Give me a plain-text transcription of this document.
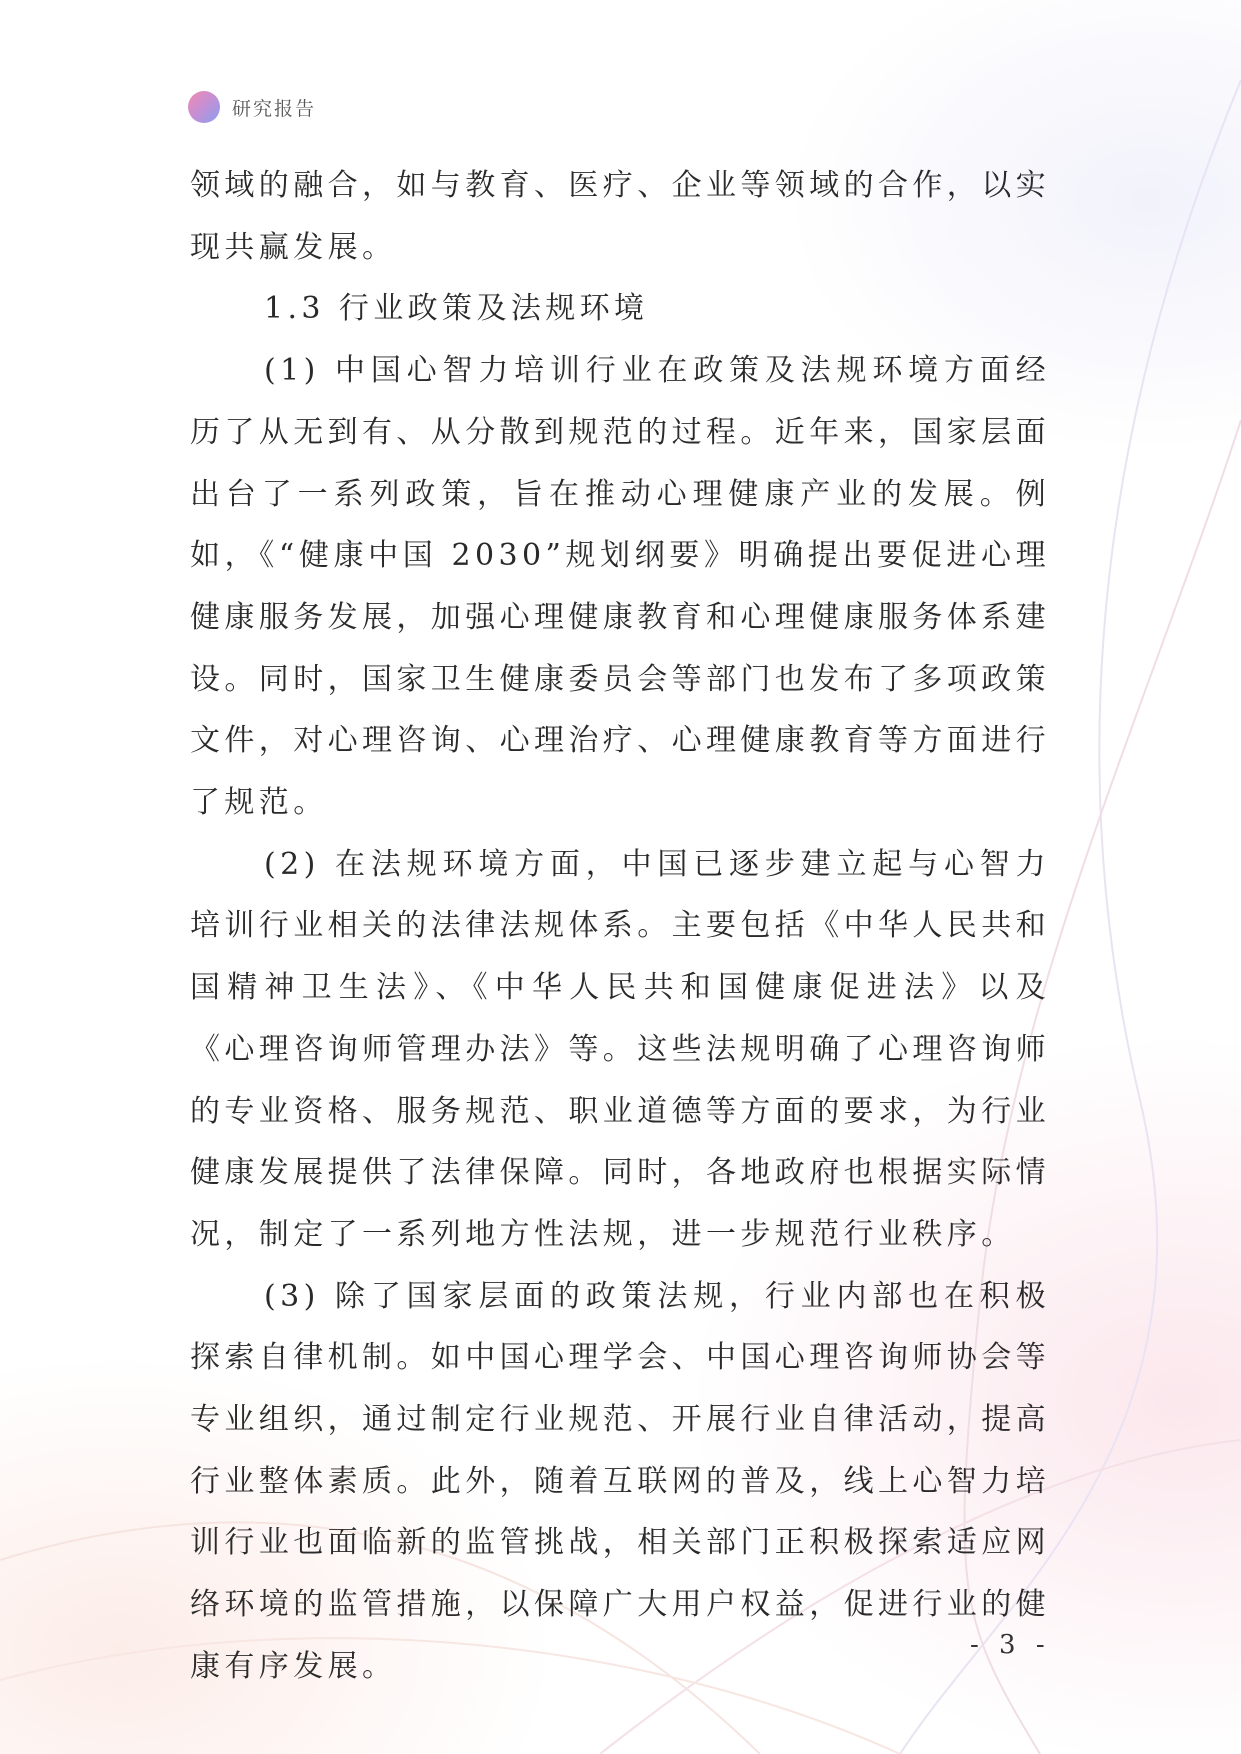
研究报告

领域的融合，如与教育、医疗、企业等领域的合作，以实现共赢发展。

1.3 行业政策及法规环境

(1) 中国心智力培训行业在政策及法规环境方面经历了从无到有、从分散到规范的过程。近年来，国家层面出台了一系列政策，旨在推动心理健康产业的发展。例如，《“健康中国 2030”规划纲要》明确提出要促进心理健康服务发展，加强心理健康教育和心理健康服务体系建设。同时，国家卫生健康委员会等部门也发布了多项政策文件，对心理咨询、心理治疗、心理健康教育等方面进行了规范。

(2) 在法规环境方面，中国已逐步建立起与心智力培训行业相关的法律法规体系。主要包括《中华人民共和国精神卫生法》、《中华人民共和国健康促进法》以及《心理咨询师管理办法》等。这些法规明确了心理咨询师的专业资格、服务规范、职业道德等方面的要求，为行业健康发展提供了法律保障。同时，各地政府也根据实际情况，制定了一系列地方性法规，进一步规范行业秩序。

(3) 除了国家层面的政策法规，行业内部也在积极探索自律机制。如中国心理学会、中国心理咨询师协会等专业组织，通过制定行业规范、开展行业自律活动，提高行业整体素质。此外，随着互联网的普及，线上心智力培训行业也面临新的监管挑战，相关部门正积极探索适应网络环境的监管措施，以保障广大用户权益，促进行业的健康有序发展。

- 3 -
